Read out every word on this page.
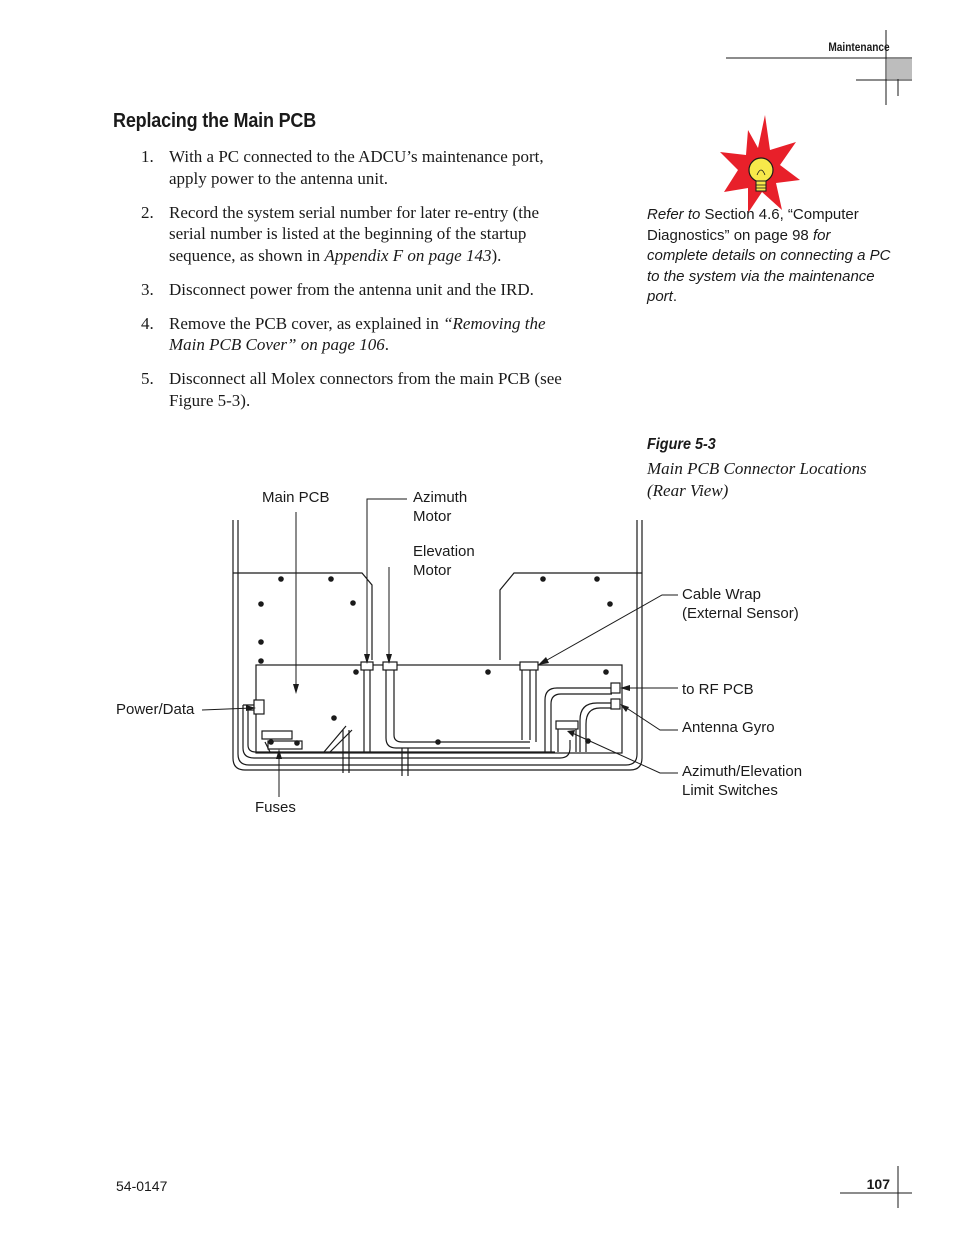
Maintenance
Replacing the Main PCB
1. With a PC connected to the ADCU’s maintenance port, apply power to the antenna unit.
2. Record the system serial number for later re-entry (the serial number is listed at the beginning of the startup sequence, as shown in Appendix F on page 143).
3. Disconnect power from the antenna unit and the IRD.
4. Remove the PCB cover, as explained in “Removing the Main PCB Cover” on page 106.
5. Disconnect all Molex connectors from the main PCB (see Figure 5-3).
Refer to Section 4.6, “Computer Diagnostics” on page 98 for complete details on connecting a PC to the system via the maintenance port.
Figure 5-3
Main PCB Connector Locations (Rear View)
Main PCB	Azimuth
Motor
Elevation
Motor
Cable Wrap
(External Sensor)
to RF PCB
Antenna Gyro
Azimuth/Elevation
Limit Switches
Power/Data
Fuses
54-0147	107
